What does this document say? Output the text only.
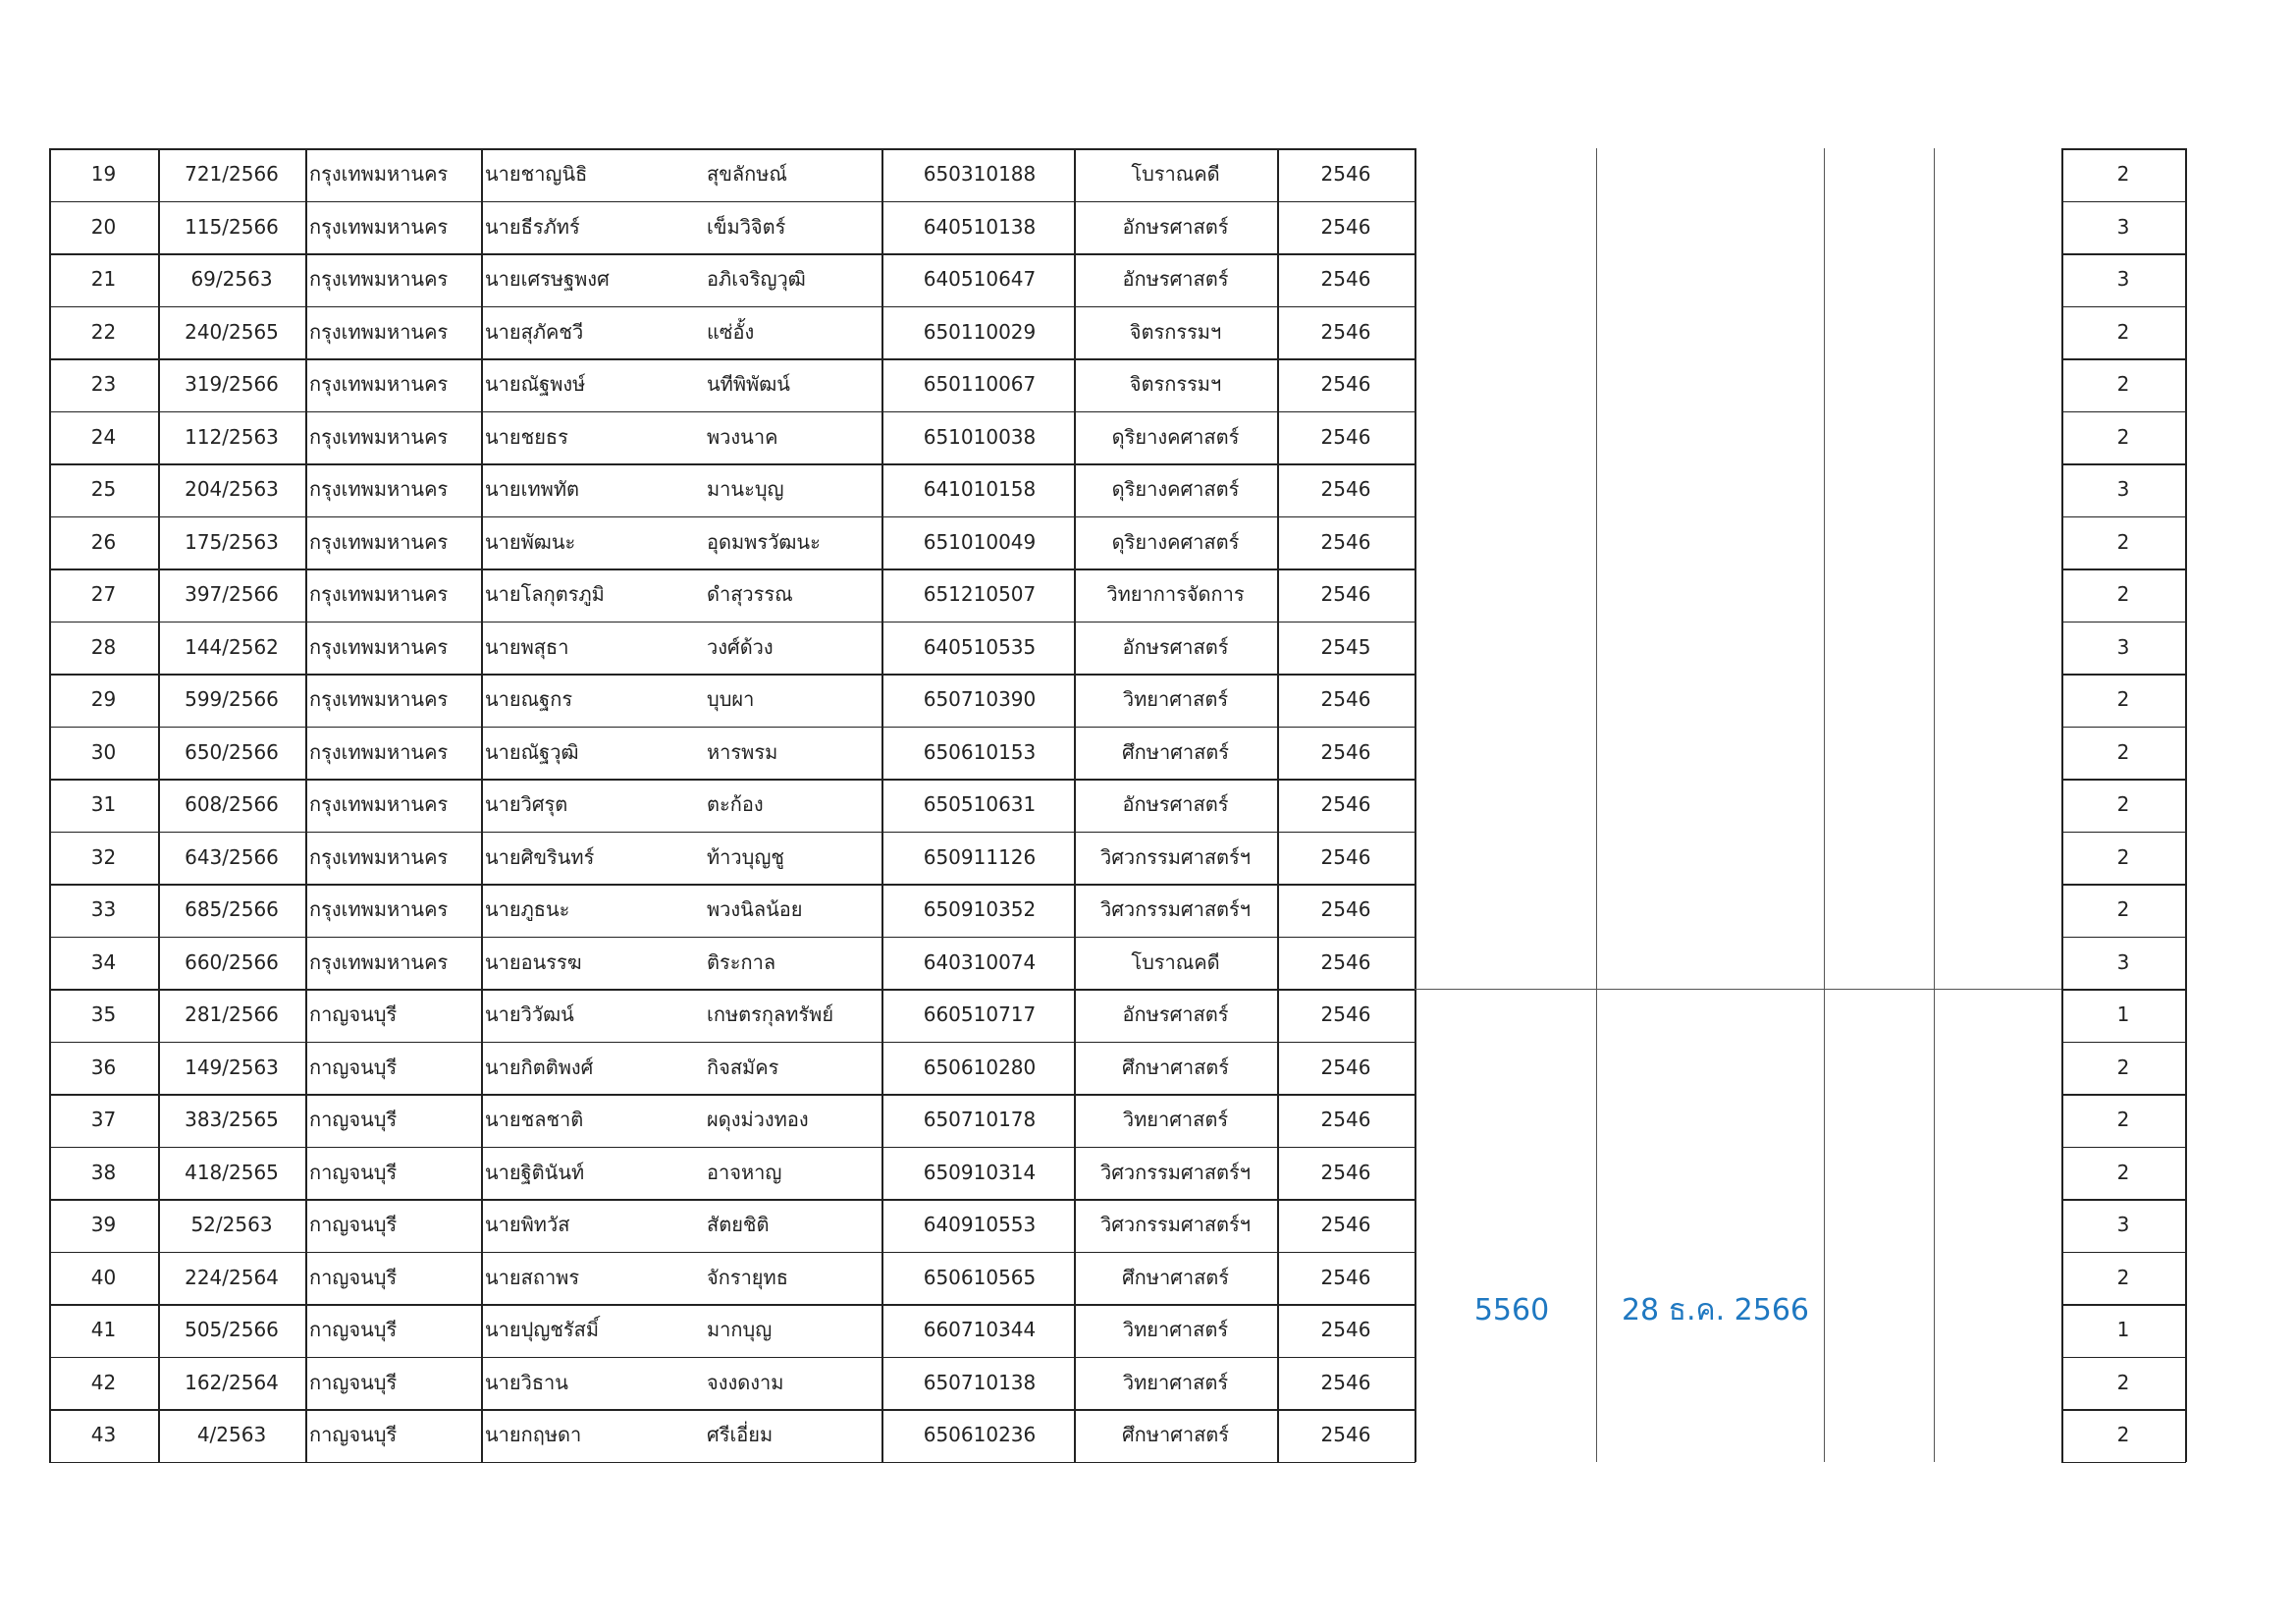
19	721/2566	กรุงเทพมหานคร	นายชาญนิธิ	สุขลักษณ์	650310188	โบราณคดี	2546	2
20	115/2566	กรุงเทพมหานคร	นายธีรภัทร์	เข็มวิจิตร์	640510138	อักษรศาสตร์	2546	3
21	69/2563	กรุงเทพมหานคร	นายเศรษฐพงศ	อภิเจริญวุฒิ	640510647	อักษรศาสตร์	2546	3
22	240/2565	กรุงเทพมหานคร	นายสุภัคชวี	แซ่อั้ง	650110029	จิตรกรรมฯ	2546	2
23	319/2566	กรุงเทพมหานคร	นายณัฐพงษ์	นทีพิพัฒน์	650110067	จิตรกรรมฯ	2546	2
24	112/2563	กรุงเทพมหานคร	นายชยธร	พวงนาค	651010038	ดุริยางคศาสตร์	2546	2
25	204/2563	กรุงเทพมหานคร	นายเทพทัต	มานะบุญ	641010158	ดุริยางคศาสตร์	2546	3
26	175/2563	กรุงเทพมหานคร	นายพัฒนะ	อุดมพรวัฒนะ	651010049	ดุริยางคศาสตร์	2546	2
27	397/2566	กรุงเทพมหานคร	นายโลกุตรภูมิ	ดำสุวรรณ	651210507	วิทยาการจัดการ	2546	2
28	144/2562	กรุงเทพมหานคร	นายพสุธา	วงศ์ด้วง	640510535	อักษรศาสตร์	2545	3
29	599/2566	กรุงเทพมหานคร	นายณฐกร	บุบผา	650710390	วิทยาศาสตร์	2546	2
30	650/2566	กรุงเทพมหานคร	นายณัฐวุฒิ	หารพรม	650610153	ศึกษาศาสตร์	2546	2
31	608/2566	กรุงเทพมหานคร	นายวิศรุต	ตะก้อง	650510631	อักษรศาสตร์	2546	2
32	643/2566	กรุงเทพมหานคร	นายศิขรินทร์	ท้าวบุญชู	650911126	วิศวกรรมศาสตร์ฯ	2546	2
33	685/2566	กรุงเทพมหานคร	นายภูธนะ	พวงนิลน้อย	650910352	วิศวกรรมศาสตร์ฯ	2546	2
34	660/2566	กรุงเทพมหานคร	นายอนรรฆ	ติระกาล	640310074	โบราณคดี	2546	3
35	281/2566	กาญจนบุรี	นายวิวัฒน์	เกษตรกุลทรัพย์	660510717	อักษรศาสตร์	2546	1
36	149/2563	กาญจนบุรี	นายกิตติพงศ์	กิจสมัคร	650610280	ศึกษาศาสตร์	2546	2
37	383/2565	กาญจนบุรี	นายชลชาติ	ผดุงม่วงทอง	650710178	วิทยาศาสตร์	2546	2
38	418/2565	กาญจนบุรี	นายฐิตินันท์	อาจหาญ	650910314	วิศวกรรมศาสตร์ฯ	2546	2
39	52/2563	กาญจนบุรี	นายพิทวัส	สัตยชิติ	640910553	วิศวกรรมศาสตร์ฯ	2546	3
40	224/2564	กาญจนบุรี	นายสถาพร	จักรายุทธ	650610565	ศึกษาศาสตร์	2546	2
41	505/2566	กาญจนบุรี	นายปุญชรัสมิ์	มากบุญ	660710344	วิทยาศาสตร์	2546	1
42	162/2564	กาญจนบุรี	นายวิธาน	จงงดงาม	650710138	วิทยาศาสตร์	2546	2
43	4/2563	กาญจนบุรี	นายกฤษดา	ศรีเอี่ยม	650610236	ศึกษาศาสตร์	2546	2
5560	28 ธ.ค. 2566
